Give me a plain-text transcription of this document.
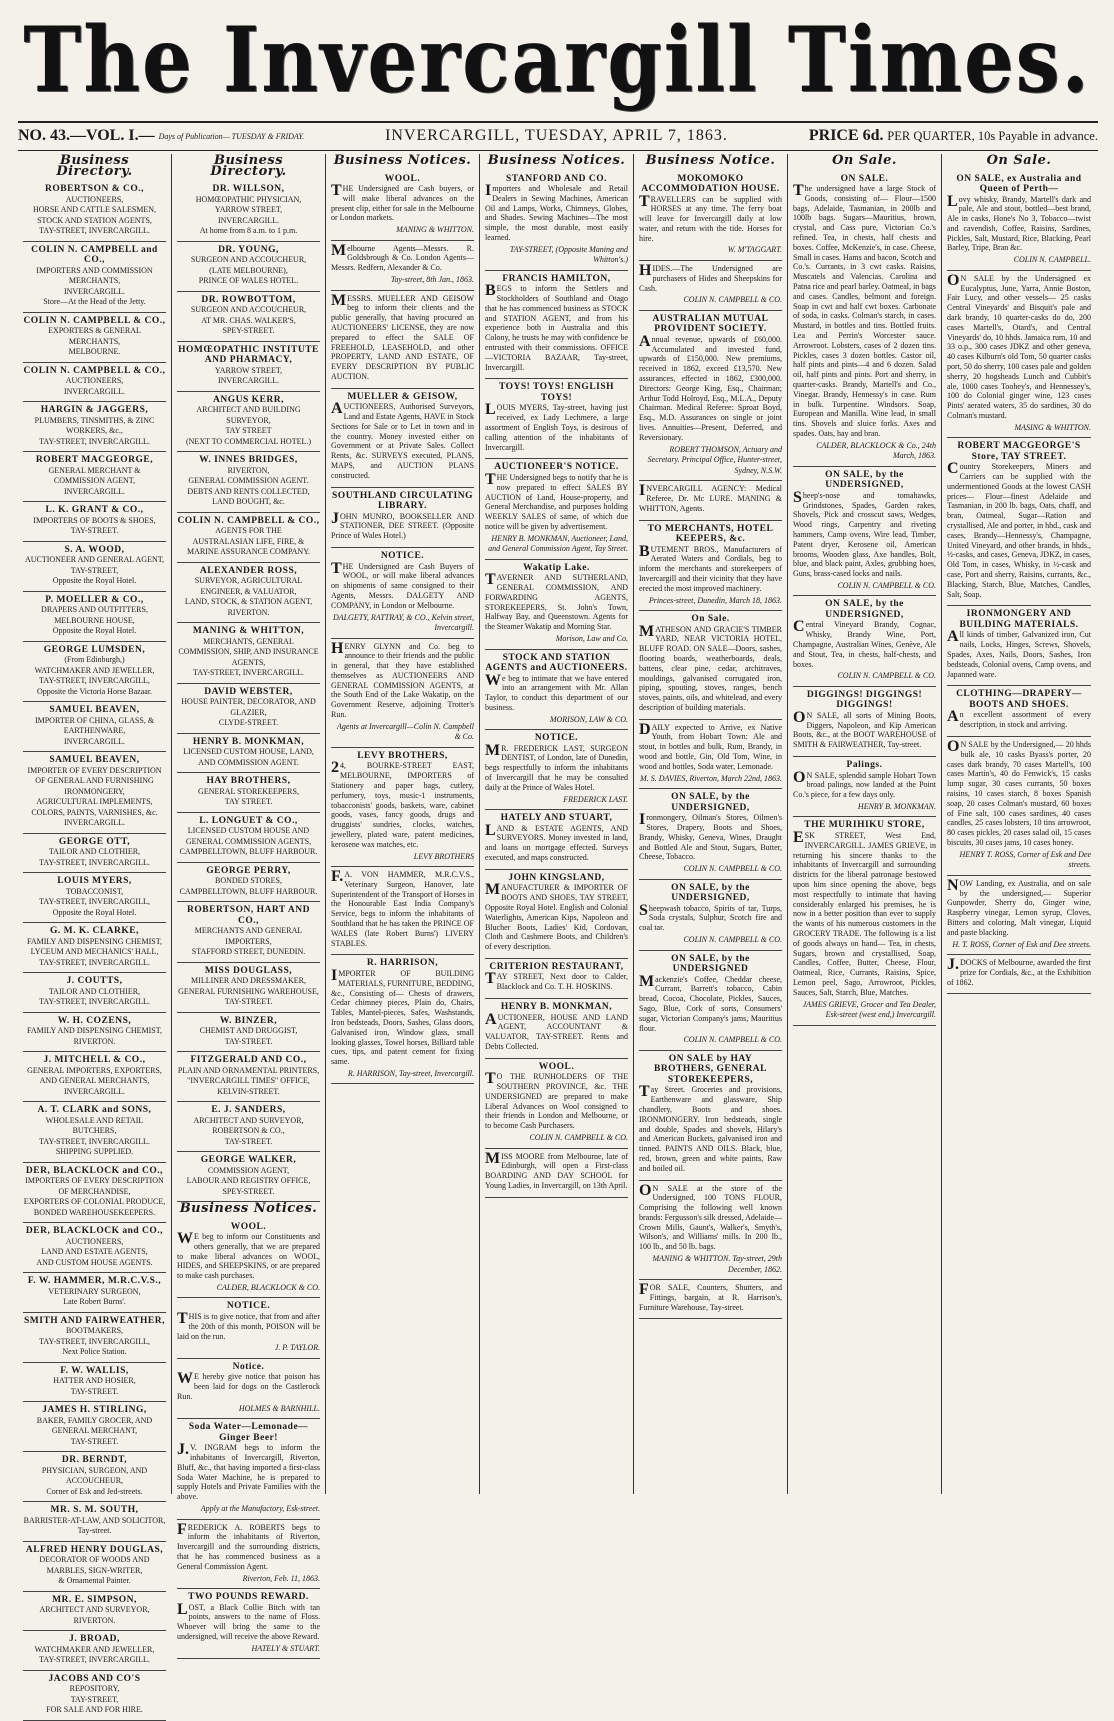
The Invercargill Times.
NO. 43.—VOL. I.— Days of Publication— TUESDAY & FRIDAY.	INVERCARGILL, TUESDAY, APRIL 7, 1863.	PRICE 6d. PER QUARTER, 10s Payable in advance.
Business Directory.
ROBERTSON & CO.,
AUCTIONEERS,
HORSE AND CATTLE SALESMEN, STOCK AND STATION AGENTS,
TAY-STREET, INVERCARGILL.
COLIN N. CAMPBELL and CO.,
IMPORTERS AND COMMISSION MERCHANTS,
INVERCARGILL.
Store—At the Head of the Jetty.
COLIN N. CAMPBELL & CO.,
EXPORTERS & GENERAL MERCHANTS,
MELBOURNE.
COLIN N. CAMPBELL & CO.,
AUCTIONEERS,
INVERCARGILL.
HARGIN & JAGGERS,
PLUMBERS, TINSMITHS, & ZINC WORKERS, &c.,
TAY-STREET, INVERCARGILL.
ROBERT MACGEORGE,
GENERAL MERCHANT & COMMISSION AGENT,
INVERCARGILL.
L. K. GRANT & CO.,
IMPORTERS OF BOOTS & SHOES,
TAY-STREET.
S. A. WOOD,
AUCTIONEER AND GENERAL AGENT,
TAY-STREET,
Opposite the Royal Hotel.
P. MOELLER & CO.,
DRAPERS AND OUTFITTERS,
MELBOURNE HOUSE,
Opposite the Royal Hotel.
GEORGE LUMSDEN,
(From Edinburgh,)
WATCHMAKER AND JEWELLER,
TAY-STREET, INVERCARGILL,
Opposite the Victoria Horse Bazaar.
SAMUEL BEAVEN,
IMPORTER OF CHINA, GLASS, & EARTHENWARE,
INVERCARGILL.
SAMUEL BEAVEN,
IMPORTER OF EVERY DESCRIPTION OF GENERAL AND FURNISHING IRONMONGERY,
AGRICULTURAL IMPLEMENTS,
COLORS, PAINTS, VARNISHES, &c.
INVERCARGILL.
GEORGE OTT,
TAILOR AND CLOTHIER,
TAY-STREET, INVERCARGILL.
LOUIS MYERS,
TOBACCONIST,
TAY-STREET, INVERCARGILL,
Opposite the Royal Hotel.
G. M. K. CLARKE,
FAMILY AND DISPENSING CHEMIST,
LYCEUM AND MECHANICS' HALL,
TAY-STREET, INVERCARGILL.
J. COUTTS,
TAILOR AND CLOTHIER,
TAY-STREET, INVERCARGILL.
W. H. COZENS,
FAMILY AND DISPENSING CHEMIST,
RIVERTON.
J. MITCHELL & CO.,
GENERAL IMPORTERS, EXPORTERS, AND GENERAL MERCHANTS,
INVERCARGILL.
A. T. CLARK and SONS,
WHOLESALE AND RETAIL BUTCHERS,
TAY-STREET, INVERCARGILL.
SHIPPING SUPPLIED.
DER, BLACKLOCK and CO.,
IMPORTERS OF EVERY DESCRIPTION OF MERCHANDISE,
EXPORTERS OF COLONIAL PRODUCE,
BONDED WAREHOUSEKEEPERS.
DER, BLACKLOCK and CO.,
AUCTIONEERS,
LAND AND ESTATE AGENTS,
AND CUSTOM HOUSE AGENTS.
F. W. HAMMER, M.R.C.V.S.,
VETERINARY SURGEON,
Late Robert Burns'.
SMITH AND FAIRWEATHER,
BOOTMAKERS,
TAY-STREET, INVERCARGILL,
Next Police Station.
F. W. WALLIS,
HATTER AND HOSIER,
TAY-STREET.
JAMES H. STIRLING,
BAKER, FAMILY GROCER, AND GENERAL MERCHANT,
TAY-STREET.
DR. BERNDT,
PHYSICIAN, SURGEON, AND ACCOUCHEUR,
Corner of Esk and Jed-streets.
MR. S. M. SOUTH,
BARRISTER-AT-LAW, AND SOLICITOR,
Tay-street.
ALFRED HENRY DOUGLAS,
DECORATOR OF WOODS AND MARBLES, SIGN-WRITER,
& Ornamental Painter.
MR. E. SIMPSON,
ARCHITECT AND SURVEYOR,
RIVERTON.
J. BROAD,
WATCHMAKER AND JEWELLER,
TAY-STREET, INVERCARGILL.
JACOBS AND CO'S
REPOSITORY,
TAY-STREET,
FOR SALE AND FOR HIRE.
Business Directory.
DR. WILLSON,
HOMŒOPATHIC PHYSICIAN,
YARROW STREET,
INVERCARGILL.
At home from 8 a.m. to 1 p.m.
DR. YOUNG,
SURGEON AND ACCOUCHEUR,
(LATE MELBOURNE),
PRINCE OF WALES HOTEL.
DR. ROWBOTTOM,
SURGEON AND ACCOUCHEUR,
AT MR. CHAS. WALKER'S,
SPEY-STREET.
HOMŒOPATHIC INSTITUTE AND PHARMACY,
YARROW STREET,
INVERCARGILL.
ANGUS KERR,
ARCHITECT AND BUILDING SURVEYOR,
TAY STREET
(NEXT TO COMMERCIAL HOTEL.)
W. INNES BRIDGES,
RIVERTON,
GENERAL COMMISSION AGENT.
DEBTS AND RENTS COLLECTED, LAND BOUGHT, &c.
COLIN N. CAMPBELL & CO.,
AGENTS FOR THE
AUSTRALASIAN LIFE, FIRE, & MARINE ASSURANCE COMPANY.
ALEXANDER ROSS,
SURVEYOR, AGRICULTURAL ENGINEER, & VALUATOR,
LAND, STOCK, & STATION AGENT,
RIVERTON.
MANING & WHITTON,
MERCHANTS, GENERAL COMMISSION, SHIP, AND INSURANCE AGENTS,
TAY-STREET, INVERCARGILL.
DAVID WEBSTER,
HOUSE PAINTER, DECORATOR, AND GLAZIER,
CLYDE-STREET.
HENRY B. MONKMAN,
LICENSED CUSTOM HOUSE, LAND, AND COMMISSION AGENT.
HAY BROTHERS,
GENERAL STOREKEEPERS,
TAY STREET.
L. LONGUET & CO.,
LICENSED CUSTOM HOUSE AND GENERAL COMMISSION AGENTS,
CAMPBELLTOWN, BLUFF HARBOUR.
GEORGE PERRY,
BONDED STORES,
CAMPBELLTOWN, BLUFF HARBOUR.
ROBERTSON, HART AND CO.,
MERCHANTS AND GENERAL IMPORTERS,
STAFFORD STREET, DUNEDIN.
MISS DOUGLASS,
MILLINER AND DRESSMAKER,
GENERAL FURNISHING WAREHOUSE,
TAY-STREET.
W. BINZER,
CHEMIST AND DRUGGIST,
TAY-STREET.
FITZGERALD AND CO.,
PLAIN AND ORNAMENTAL PRINTERS,
"INVERCARGILL TIMES" OFFICE,
KELVIN-STREET.
E. J. SANDERS,
ARCHITECT AND SURVEYOR,
ROBERTSON & CO.,
TAY-STREET.
GEORGE WALKER,
COMMISSION AGENT,
LABOUR AND REGISTRY OFFICE,
SPEY-STREET.
Business Notices.
WOOL.

WE beg to inform our Constituents and others generally, that we are prepared to make liberal advances on WOOL, HIDES, and SHEEPSKINS, or are prepared to make cash purchases.

CALDER, BLACKLOCK & CO.
NOTICE.

THIS is to give notice, that from and after the 20th of this month, POISON will be laid on the run.

J. P. TAYLOR.
Notice.

WE hereby give notice that poison has been laid for dogs on the Castlerock Run.

HOLMES & BARNHILL.
Soda Water—Lemonade—Ginger Beer!

J.V. INGRAM begs to inform the inhabitants of Invercargill, Riverton, Bluff, &c., that having imported a first-class Soda Water Machine, he is prepared to supply Hotels and Private Families with the above.

Apply at the Manufactory, Esk-street.

FREDERICK A. ROBERTS begs to inform the inhabitants of Riverton, Invercargill and the surrounding districts, that he has commenced business as a General Commission Agent.

Riverton, Feb. 11, 1863.
TWO POUNDS REWARD.

LOST, a Black Collie Bitch with tan points, answers to the name of Floss. Whoever will bring the same to the undersigned, will receive the above Reward.

HATELY & STUART.
Business Notices.
WOOL.

THE Undersigned are Cash buyers, or will make liberal advances on the present clip, either for sale in the Melbourne or London markets.

MANING & WHITTON.

Melbourne Agents—Messrs. R. Goldsbrough & Co. London Agents—Messrs. Redfern, Alexander & Co.

Tay-street, 8th Jan., 1863.

MESSRS. MUELLER AND GEISOW beg to inform their clients and the public generally, that having procured an AUCTIONEERS' LICENSE, they are now prepared to effect the SALE OF FREEHOLD, LEASEHOLD, and other PROPERTY, LAND AND ESTATE, OF EVERY DESCRIPTION BY PUBLIC AUCTION.

MUELLER & GEISOW,

AUCTIONEERS, Authorised Surveyors, Land and Estate Agents, HAVE in Stock Sections for Sale or to Let in town and in the country. Money invested either on Government or at Private Sales. Collect Rents, &c. SURVEYS executed, PLANS, MAPS, and AUCTION PLANS constructed.

SOUTHLAND CIRCULATING LIBRARY.

JOHN MUNRO, BOOKSELLER AND STATIONER, DEE STREET. (Opposite Prince of Wales Hotel.)

NOTICE.

THE Undersigned are Cash Buyers of WOOL, or will make liberal advances on shipments of same consigned to their Agents, Messrs. DALGETY AND COMPANY, in London or Melbourne.

DALGETY, RATTRAY, & CO., Kelvin street, Invercargill.

HENRY GLYNN and Co. beg to announce to their friends and the public in general, that they have established themselves as AUCTIONEERS AND GENERAL COMMISSION AGENTS, at the South End of the Lake Wakatip, on the Government Reserve, adjoining Trotter's Run.

Agents at Invercargill—Colin N. Campbell & Co.
LEVY BROTHERS,

24, BOURKE-STREET EAST, MELBOURNE, IMPORTERS of Stationery and paper bags, cutlery, perfumery, toys, music-1 instruments, tobacconists' goods, baskets, ware, cabinet goods, vases, fancy goods, drugs and druggists' sundries, clocks, watches, jewellery, plated ware, patent medicines, kerosene wax matches, etc.

LEVY BROTHERS

F.A. VON HAMMER, M.R.C.V.S., Veterinary Surgeon, Hanover, late Superintendent of the Transport of Horses in the Honourable East India Company's Service, begs to inform the inhabitants of Southland that he has taken the PRINCE OF WALES (late Robert Burns') LIVERY STABLES.

R. HARRISON,

IMPORTER OF BUILDING MATERIALS, FURNITURE, BEDDING, &c., Consisting of— Chests of drawers, Cedar chimney pieces, Plain do, Chairs, Tables, Mantel-pieces, Safes, Washstands, Iron bedsteads, Doors, Sashes, Glass doors, Galvanised iron, Window glass, small looking glasses, Towel horses, Billiard table cues, tips, and patent cement for fixing same.

R. HARRISON, Tay-street, Invercargill.
Business Notices.
STANFORD AND CO.

Importers and Wholesale and Retail Dealers in Sewing Machines, American Oil and Lamps, Works, Chimneys, Globes, and Shades. Sewing Machines—The most simple, the most durable, most easily learned.

TAY-STREET, (Opposite Maning and Whitton's.)
FRANCIS HAMILTON,

BEGS to inform the Settlers and Stockholders of Southland and Otago that he has commenced business as STOCK and STATION AGENT, and from his experience both in Australia and this Colony, he trusts he may with confidence be entrusted with their commissions. OFFICE—VICTORIA BAZAAR, Tay-street, Invercargill.

TOYS! TOYS! ENGLISH TOYS!

LOUIS MYERS, Tay-street, having just received, ex Lady Lechmere, a large assortment of English Toys, is desirous of calling attention of the inhabitants of Invercargill.

AUCTIONEER'S NOTICE.

THE Undersigned begs to notify that he is now prepared to effect SALES BY AUCTION of Land, House-property, and General Merchandise, and purposes holding WEEKLY SALES of same, of which due notice will be given by advertisement.

HENRY B. MONKMAN, Auctioneer, Land, and General Commission Agent, Tay Street.
Wakatip Lake.

TAVERNER AND SUTHERLAND, GENERAL COMMISSION, AND FORWARDING AGENTS, STOREKEEPERS, St. John's Town, Halfway Bay, and Queenstown. Agents for the Steamer Wakatip and Morning Star.

Morison, Law and Co.
STOCK AND STATION AGENTS and AUCTIONEERS.

We beg to intimate that we have entered into an arrangement with Mr. Allan Taylor, to conduct this department of our business.

MORISON, LAW & CO.
NOTICE.

MR. FREDERICK LAST, SURGEON DENTIST, of London, late of Dunedin, begs respectfully to inform the inhabitants of Invercargill that he may be consulted daily at the Prince of Wales Hotel.

FREDERICK LAST.
HATELY AND STUART,

LAND & ESTATE AGENTS, AND SURVEYORS. Money invested in land, and loans on mortgage effected. Surveys executed, and maps constructed.

JOHN KINGSLAND,

MANUFACTURER & IMPORTER OF BOOTS AND SHOES, TAY STREET, Opposite Royal Hotel. English and Colonial Waterlights, American Kips, Napoleon and Blucher Boots, Ladies' Kid, Cordovan, Cloth and Cashmere Boots, and Children's of every description.

CRITERION RESTAURANT,

TAY STREET, Next door to Calder, Blacklock and Co. T. H. HOSKINS.

HENRY B. MONKMAN,

AUCTIONEER, HOUSE AND LAND AGENT, ACCOUNTANT & VALUATOR, TAY-STREET. Rents and Debts Collected.

WOOL.

TO THE RUNHOLDERS OF THE SOUTHERN PROVINCE, &c. THE UNDERSIGNED are prepared to make Liberal Advances on Wool consigned to their friends in London and Melbourne, or to become Cash Purchasers.

COLIN N. CAMPBELL & CO.

MISS MOORE from Melbourne, late of Edinburgh, will open a First-class BOARDING AND DAY SCHOOL for Young Ladies, in Invercargill, on 13th April.

Business Notice.
MOKOMOKO ACCOMMODATION HOUSE.

TRAVELLERS can be supplied with HORSES at any time. The ferry boat will leave for Invercargill daily at low water, and return with the tide. Horses for hire.

W. M'TAGGART.

HIDES.—The Undersigned are purchasers of Hides and Sheepskins for Cash.

COLIN N. CAMPBELL & CO.
AUSTRALIAN MUTUAL PROVIDENT SOCIETY.

Annual revenue, upwards of £60,000. Accumulated and invested fund, upwards of £150,000. New premiums, received in 1862, exceed £13,570. New assurances, effected in 1862, £300,000. Directors: George King, Esq., Chairman; Arthur Todd Holroyd, Esq., M.L.A., Deputy Chairman. Medical Referee: Sproat Boyd, Esq., M.D. Assurances on single or joint lives. Annuities—Present, Deferred, and Reversionary.

ROBERT THOMSON, Actuary and Secretary. Principal Office, Hunter-street, Sydney, N.S.W.

INVERCARGILL AGENCY: Medical Referee, Dr. Mc LURE. MANING & WHITTON, Agents.

TO MERCHANTS, HOTEL KEEPERS, &c.

BUTEMENT BROS., Manufacturers of Aerated Waters and Cordials, beg to inform the merchants and storekeepers of Invercargill and their vicinity that they have erected the most improved machinery.

Princes-street, Dunedin, March 18, 1863.
On Sale.

MATHESON AND GRACIE'S TIMBER YARD, NEAR VICTORIA HOTEL, BLUFF ROAD. ON SALE—Doors, sashes, flooring boards, weatherboards, deals, battens, clear pine, cedar, architraves, mouldings, galvanised corrugated iron, piping, spouting, stoves, ranges, bench stoves, paints, oils, and whitelead, and every description of building materials.

DAILY expected to Arrive, ex Native Youth, from Hobart Town: Ale and stout, in bottles and bulk, Rum, Brandy, in wood and bottle, Gin, Old Tom, Wine, in wood and bottles, Soda water, Lemonade.

M. S. DAVIES, Riverton, March 22nd, 1863.
ON SALE, by the UNDERSIGNED,

Ironmongery, Oilman's Stores, Oilmen's Stores, Drapery, Boots and Shoes, Brandy, Whisky, Geneva, Wines, Draught and Bottled Ale and Stout, Sugars, Butter, Cheese, Tobacco.

COLIN N. CAMPBELL & CO.
ON SALE, by the UNDERSIGNED,

Sheepwash tobacco, Spirits of tar, Turps, Soda crystals, Sulphur, Scotch fire and coal tar.

COLIN N. CAMPBELL & CO.
ON SALE, by the UNDERSIGNED

Mackenzie's Coffee, Cheddar cheese, Currant, Barrett's tobacco, Cabin bread, Cocoa, Chocolate, Pickles, Sauces, Sago, Blue, Cork of sorts, Consumers' sugar, Victorian Company's jams, Mauritius flour.

COLIN N. CAMPBELL & CO.
ON SALE by HAY BROTHERS, GENERAL STOREKEEPERS,

Tay Street. Groceries and provisions, Earthenware and glassware, Ship chandlery, Boots and shoes. IRONMONGERY. Iron bedsteads, single and double, Spades and shovels, Hilary's and American Buckets, galvanised iron and tinned. PAINTS AND OILS. Black, blue, red, brown, green and white paints, Raw and boiled oil.

ON SALE at the store of the Undersigned, 100 TONS FLOUR, Comprising the following well known brands: Fergusson's silk dressed, Adelaide—Crown Mills, Gaunt's, Walker's, Smyth's, Wilson's, and Williams' mills. In 200 lb., 100 lb., and 50 lb. bags.

MANING & WHITTON. Tay-street, 29th December, 1862.

FOR SALE, Counters, Shutters, and Fittings, bargain, at R. Harrison's, Furniture Warehouse, Tay-street.

On Sale.
ON SALE.

The undersigned have a large Stock of Goods, consisting of— Flour—1500 bags, Adelaide, Tasmanian, in 200lb and 100lb bags. Sugars—Mauritius, brown, crystal, and Cass pure, Victorian Co.'s refined. Tea, in chests, half chests and boxes. Coffee, McKenzie's, in case. Cheese, Small in cases. Hams and bacon, Scotch and Co.'s. Currants, in 3 cwt casks. Raisins, Muscatels and Valencias. Carolina and Patna rice and pearl barley. Oatmeal, in bags and cases. Candles, belmont and foreign. Soap in cwt and half cwt boxes. Carbonate of soda, in casks. Colman's starch, in cases. Mustard, in bottles and tins. Bottled fruits. Lea and Perrin's Worcester sauce. Arrowroot. Lobsters, cases of 2 dozen tins. Pickles, cases 3 dozen bottles. Castor oil, half pints and pints—4 and 6 dozen. Salad oil, half pints and pints. Port and sherry, in quarter-casks. Brandy, Martell's and Co., Vinegar. Brandy, Hennessy's in case. Rum in bulk. Turpentine. Windsors. Soap, European and Manilla. Wine lead, in small tins. Shovels and sluice forks. Axes and spades. Oats, hay and bran.

CALDER, BLACKLOCK & Co., 24th March, 1863.
ON SALE, by the UNDERSIGNED,

Sheep's-nose and tomahawks, Grindstones, Spades, Garden rakes, Shovels, Pick and crosscut saws, Wedges, Wood rings, Carpentry and riveting hammers, Camp ovens, Wire lead, Timber, Patent dryer, Kerosene oil, American brooms, Wooden glass, Axe handles, Bolt, blue, and black paint, Axles, grubbing hoes, Guns, brass-cased locks and nails.

COLIN N. CAMPBELL & CO.
ON SALE, by the UNDERSIGNED,

Central Vineyard Brandy, Cognac, Whisky, Brandy Wine, Port, Champagne, Australian Wines, Genève, Ale and Stout, Tea, in chests, half-chests, and boxes.

COLIN N. CAMPBELL & CO.
DIGGINGS! DIGGINGS! DIGGINGS!

ON SALE, all sorts of Mining Boots, Diggers, Napoleon, and Kip American Boots, &c., at the BOOT WAREHOUSE of SMITH & FAIRWEATHER, Tay-street.

Palings.

ON SALE, splendid sample Hobart Town broad palings, now landed at the Point Co.'s piece, for a few days only.

HENRY B. MONKMAN.
THE MURIHIKU STORE,

ESK STREET, West End, INVERCARGILL. JAMES GRIEVE, in returning his sincere thanks to the inhabitants of Invercargill and surrounding districts for the liberal patronage bestowed upon him since opening the above, begs most respectfully to intimate that having considerably enlarged his premises, he is now in a better position than ever to supply the wants of his numerous customers in the GROCERY TRADE. The following is a list of goods always on hand— Tea, in chests, Sugars, brown and crystallised, Soap, Candles, Coffee, Butter, Cheese, Flour, Oatmeal, Rice, Currants, Raisins, Spice, Lemon peel, Sago, Arrowroot, Pickles, Sauces, Salt, Starch, Blue, Matches.

JAMES GRIEVE, Grocer and Tea Dealer, Esk-street (west end,) Invercargill.
On Sale.
ON SALE, ex Australia and Queen of Perth—

Lovy whisky, Brandy, Martell's dark and pale, Ale and stout, bottled—best brand, Ale in casks, Hone's No 3, Tobacco—twist and cavendish, Coffee, Raisins, Sardines, Pickles, Salt, Mustard, Rice, Blacking, Pearl Barley, Tripe, Bran &c.

COLIN N. CAMPBELL.

ON SALE by the Undersigned ex Eucalyptus, June, Yarra, Annie Boston, Fair Lucy, and other vessels— 25 casks Central Vineyards' and Bisquit's pale and dark brandy, 10 quarter-casks do do, 200 cases Martell's, Otard's, and Central Vineyards' do, 10 hhds. Jamaica rum, 10 and 33 o.p., 300 cases JDKZ and other geneva, 40 cases Kilburn's old Tom, 50 quarter casks port, 50 do sherry, 100 cases pale and golden sherry, 20 hogsheads Lunch and Cubbit's ale, 1000 cases Toohey's, and Hennessey's, 100 do Colonial ginger wine, 123 cases Pints' aerated waters, 35 do sardines, 30 do Colman's mustard.

MASING & WHITTON.
ROBERT MACGEORGE'S Store, TAY STREET.

Country Storekeepers, Miners and Carriers can be supplied with the undermentioned Goods at the lowest CASH prices— Flour—finest Adelaide and Tasmanian, in 200 lb. bags, Oats, chaff, and bran, Oatmeal, Sugar—Ration and crystallised, Ale and porter, in hhd., cask and cases, Brandy—Hennessy's, Champagne, United Vineyard, and other brands, in hhds., ½-casks, and cases, Geneva, JDKZ, in cases, Old Tom, in cases, Whisky, in ½-cask and case, Port and sherry, Raisins, currants, &c., Blacking, Starch, Blue, Matches, Candles, Salt, Soap.

IRONMONGERY AND BUILDING MATERIALS.

All kinds of timber, Galvanized iron, Cut nails, Locks, Hinges, Screws, Shovels, Spades, Axes, Nails, Doors, Sashes, Iron bedsteads, Colonial ovens, Camp ovens, and Japanned ware.

CLOTHING—DRAPERY—BOOTS AND SHOES.

An excellent assortment of every description, in stock and arriving.

ON SALE by the Undersigned,— 20 hhds bulk ale, 10 casks Byass's porter, 20 cases dark brandy, 70 cases Martell's, 100 cases Martin's, 40 do Fenwick's, 15 casks lump sugar, 30 cases currants, 50 boxes raisins, 10 cases starch, 8 boxes Spanish soap, 20 cases Colman's mustard, 60 boxes of Fine salt, 100 cases sardines, 40 cases candles, 25 cases lobsters, 10 tins arrowroot, 80 cases pickles, 20 cases salad oil, 15 cases biscuits, 30 cases jams, 10 cases honey.

HENRY T. ROSS, Corner of Esk and Dee streets.

NOW Landing, ex Australia, and on sale by the undersigned,— Superior Gunpowder, Sherry do, Ginger wine, Raspberry vinegar, Lemon syrup, Cloves, Bitters and coloring, Malt vinegar, Liquid and paste blacking.

H. T. ROSS, Corner of Esk and Dee streets.

J.DOCKS of Melbourne, awarded the first prize for Cordials, &c., at the Exhibition of 1862.
